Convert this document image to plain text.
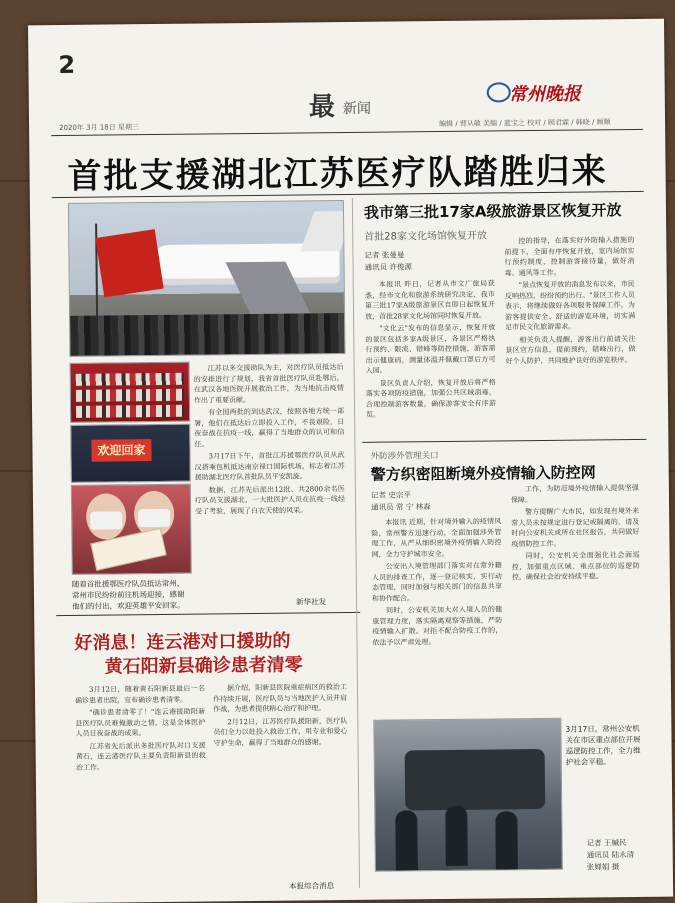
2
最 新闻
常州晚报
2020年 3月 18日 星期三	编辑 / 臂从敏 美编 / 蓝宝之 校对 / 顾君霖 / 韩晓 / 顾顺
首批支援湖北江苏医疗队踏胜归来
欢迎回家
随着首批援鄂医疗队员抵达常州，常州市民纷纷前往机场迎接，感谢他们的付出，欢迎英雄平安回家。

江苏以多交援助队为主，对医疗队员抵达后的安排进行了规划，我省首批医疗队员赴鄂后，在武汉各地医院开展救治工作，为当地抗击疫情作出了重要贡献。

有全国两批的到达武汉，按照各地方统一部署，他们在抵达后立即投入工作，不畏艰险，日夜奋战在抗疫一线，赢得了当地群众的认可和信任。

3月17日下午，首批江苏援鄂医疗队员从武汉搭乘包机抵达南京禄口国际机场，标志着江苏援助湖北医疗队首批队员平安凯旋。

数据，江苏先后派出12批、共2800余名医疗队员支援湖北，一大批医护人员在抗疫一线经受了考验，展现了白衣天使的风采。

新华社发
我市第三批17家A级旅游景区恢复开放
首批28家文化场馆恢复开放
记者 张曼曼
通讯员 许俊源

本报讯 昨日，记者从市文广旅局获悉，经市文化和旅游系统研究决定，我市第三批17家A级旅游景区自即日起恢复开放，首批28家文化场馆同时恢复开放。

"文化云"发布的信息显示，恢复开放的景区包括多家A级景区，各景区严格执行预约、限流、错峰等防控措施，游客需出示健康码，测量体温并佩戴口罩后方可入园。

景区负责人介绍，恢复开放后将严格落实各项防疫措施，加强公共区域消毒，合理控制游客数量，确保游客安全有序游览。

控的指导，在落实好外防输入措施的前提下，全面有序恢复开放，室内场馆实行预约制度，控制游客接待量，做好消毒、通风等工作。

"景点恢复开放的消息发布以来，市民反响热烈，纷纷预约出行。"景区工作人员表示，将继续做好各项服务保障工作，为游客提供安全、舒适的游览环境，切实满足市民文化旅游需求。

相关负责人提醒，游客出行前请关注景区官方信息，提前预约，错峰出行，做好个人防护，共同维护良好的游览秩序。

外防涉外管理关口
警方织密阻断境外疫情输入防控网
记者 史宗平
通讯员 常 宁 林森

本报讯 近期，针对境外输入的疫情风险，常州警方迅速行动，全面加强涉外管理工作，从严从细织密境外疫情输入防控网，全力守护城市安全。

公安出入境管理部门落实对在常外籍人员的排查工作，逐一登记核实，实行动态管理，同时加强与相关部门的信息共享和协作配合。

同时，公安机关加大对入境人员的健康管理力度，落实隔离观察等措施，严防疫情输入扩散。对拒不配合防疫工作的，依法予以严肃处理。

工作，为防范境外疫情输入提供坚强保障。

警方提醒广大市民，如发现有境外来常人员未按规定进行登记或隔离的，请及时向公安机关或所在社区报告，共同做好疫情防控工作。

同时，公安机关全面强化社会面巡控，加强重点区域、重点部位的巡逻防控，确保社会治安持续平稳。

3月17日，常州公安机关在市区重点部位开展巡逻防控工作，全力维护社会平稳。
记者 王槭民
通讯员 陆永清
张婵娟 摄
好消息！连云港对口援助的
黄石阳新县确诊患者清零

3月12日，随着黄石阳新县最后一名确诊患者出院，宣布确诊患者清零。

"确诊患者清零了！"连云港援助阳新县医疗队员难掩激动之情，这是全体医护人员日夜奋战的成果。

江苏省先后派出多批医疗队对口支援黄石，连云港医疗队主要负责阳新县的救治工作。

据介绍，阳新县医院重症病区的救治工作持续开展，医疗队员与当地医护人员并肩作战，为患者提供精心治疗和护理。

2月12日，江苏医疗队援阳新，医疗队员们全力以赴投入救治工作，用专业和爱心守护生命，赢得了当地群众的感谢。

本报综合消息
